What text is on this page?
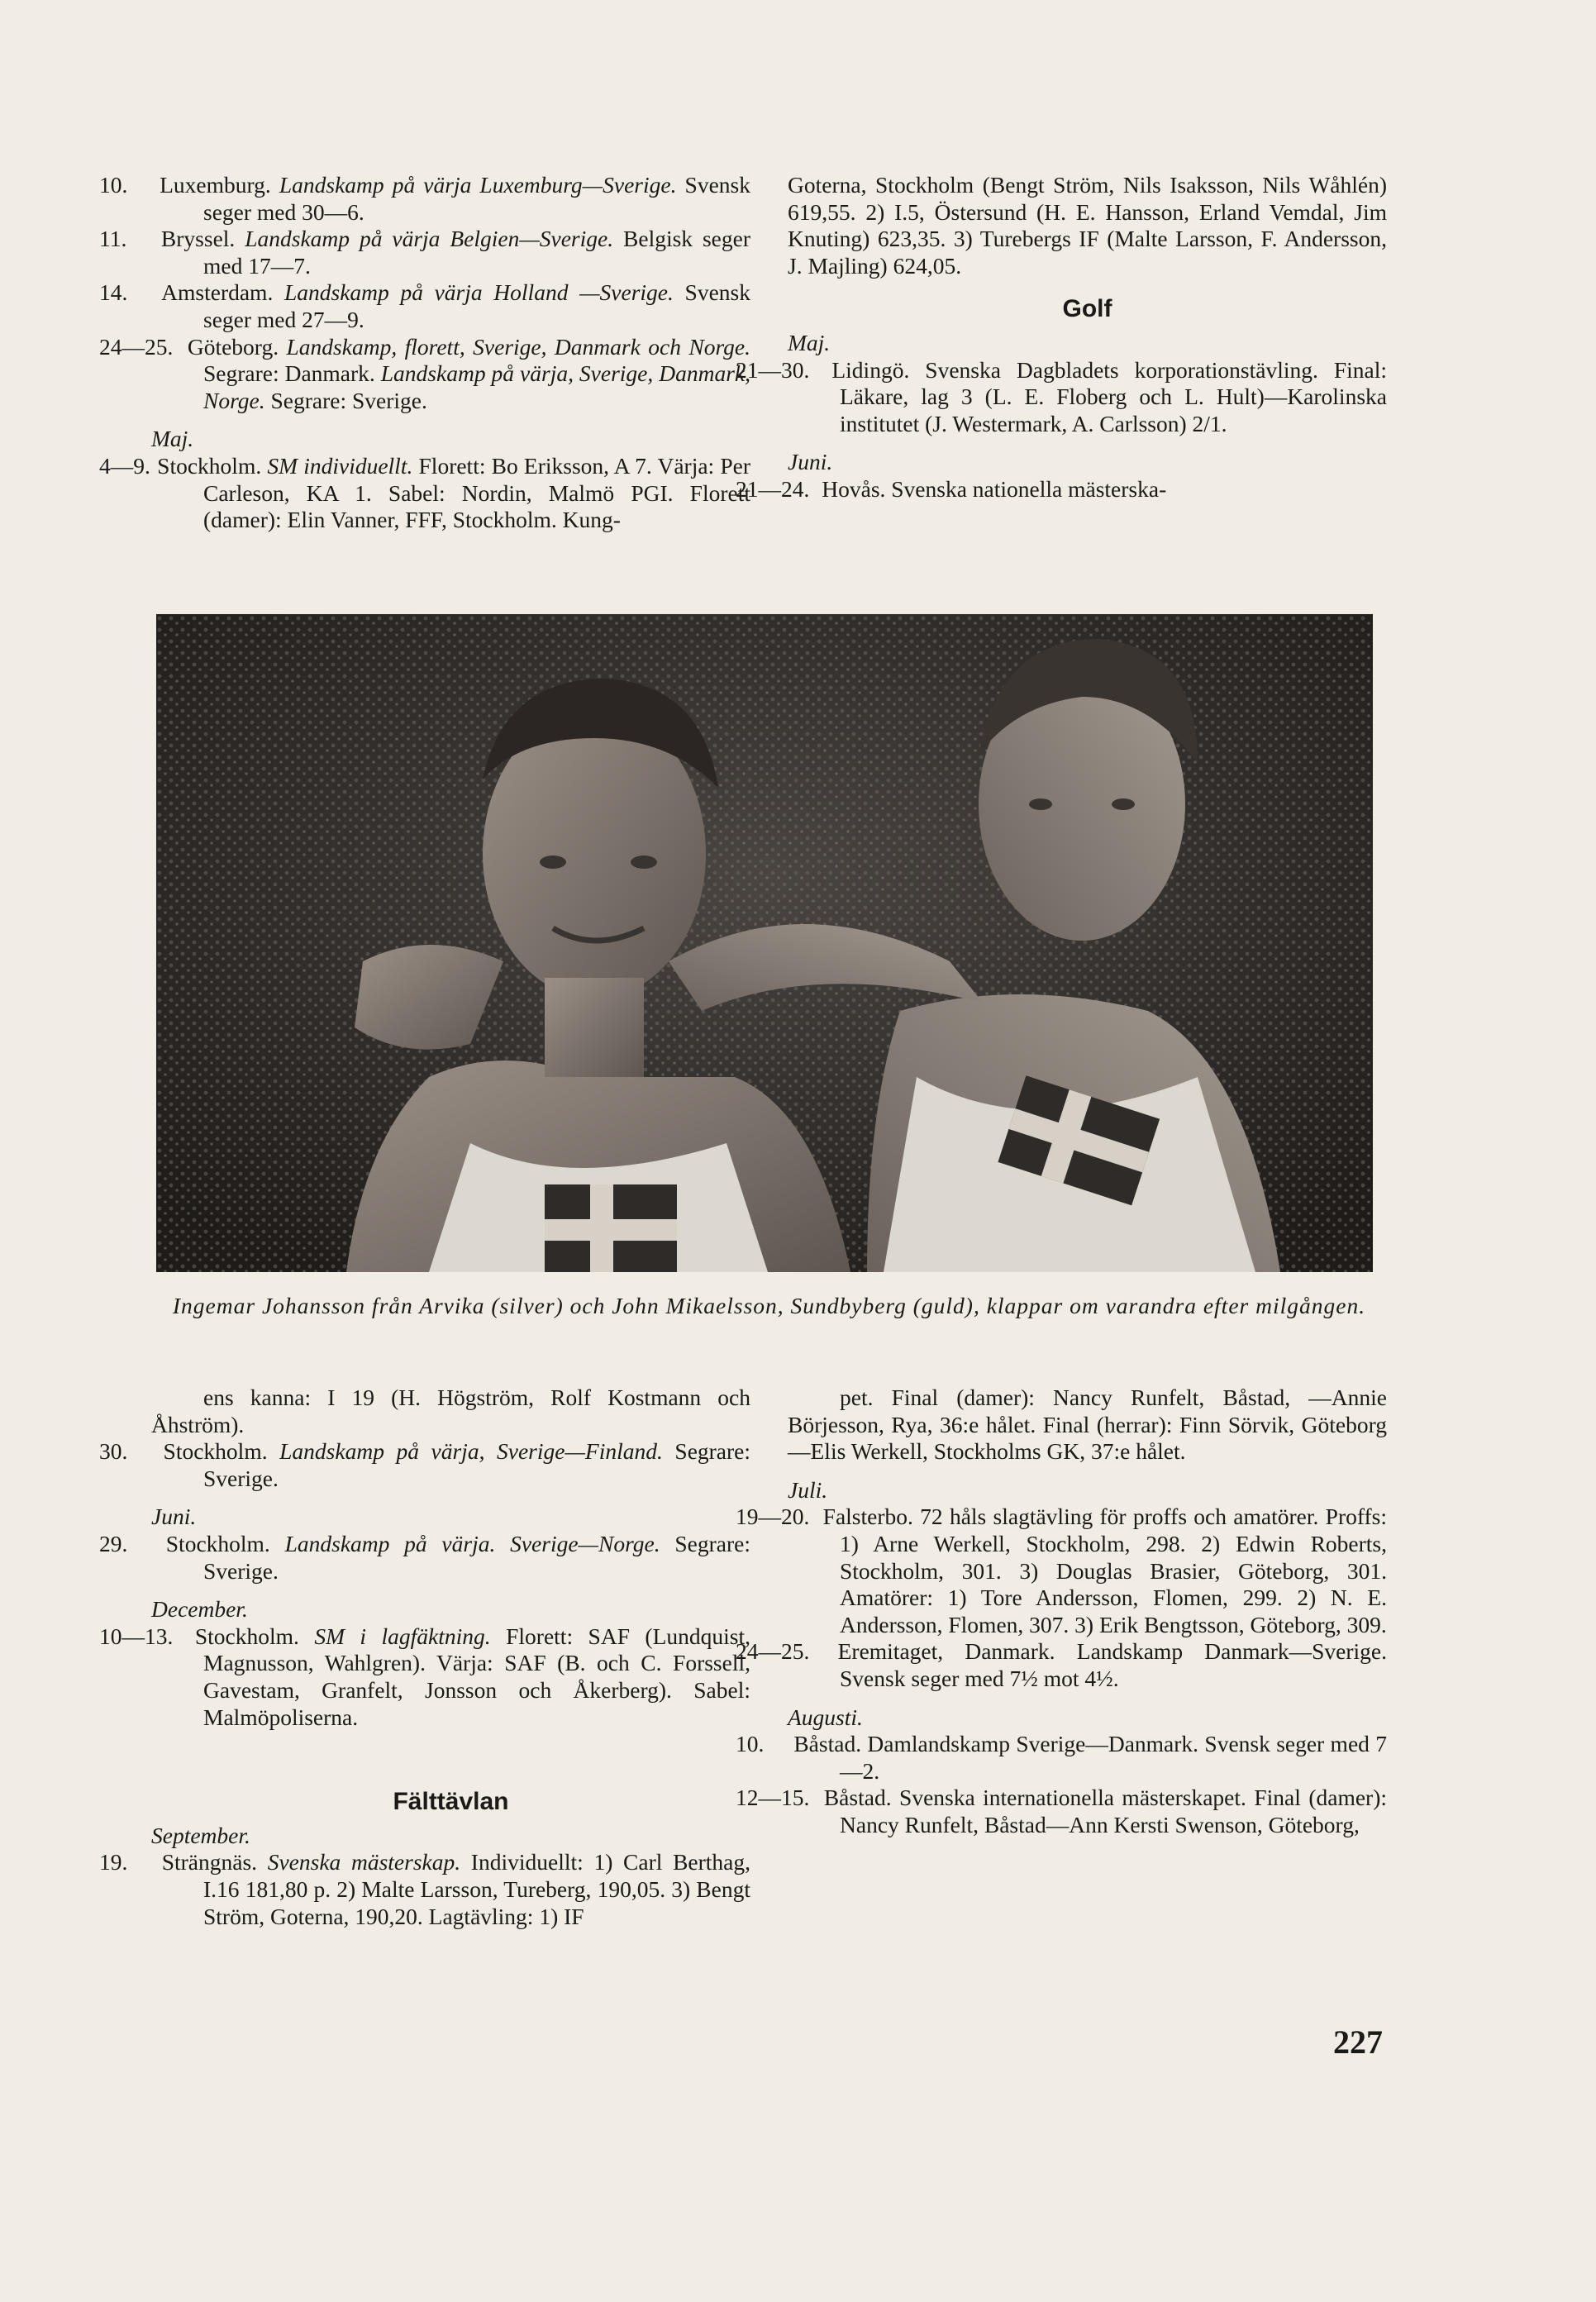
10. Luxemburg. Landskamp på värja Luxemburg—Sverige. Svensk seger med 30—6.
11. Bryssel. Landskamp på värja Belgien—Sverige. Belgisk seger med 17—7.
14. Amsterdam. Landskamp på värja Holland —Sverige. Svensk seger med 27—9.
24—25. Göteborg. Landskamp, florett, Sverige, Danmark och Norge. Segrare: Danmark. Landskamp på värja, Sverige, Danmark, Norge. Segrare: Sverige.
Maj.
4—9. Stockholm. SM individuellt. Florett: Bo Eriksson, A 7. Värja: Per Carleson, KA 1. Sabel: Nordin, Malmö PGI. Florett (damer): Elin Vanner, FFF, Stockholm. Kung-
Goterna, Stockholm (Bengt Ström, Nils Isaksson, Nils Wåhlén) 619,55. 2) I.5, Östersund (H. E. Hansson, Erland Vemdal, Jim Knuting) 623,35. 3) Turebergs IF (Malte Larsson, F. Andersson, J. Majling) 624,05.
Golf
Maj.
21—30. Lidingö. Svenska Dagbladets korporationstävling. Final: Läkare, lag 3 (L. E. Floberg och L. Hult)—Karolinska institutet (J. Westermark, A. Carlsson) 2/1.
Juni.
21—24. Hovås. Svenska nationella mästerska-
Ingemar Johansson från Arvika (silver) och John Mikaelsson, Sundbyberg (guld), klappar om varandra efter milgången.
ens kanna: I 19 (H. Högström, Rolf Kostmann och Åhström).
30. Stockholm. Landskamp på värja, Sverige—Finland. Segrare: Sverige.
Juni.
29. Stockholm. Landskamp på värja. Sverige—Norge. Segrare: Sverige.
December.
10—13. Stockholm. SM i lagfäktning. Florett: SAF (Lundquist, Magnusson, Wahlgren). Värja: SAF (B. och C. Forssell, Gavestam, Granfelt, Jonsson och Åkerberg). Sabel: Malmöpoliserna.
Fälttävlan
September.
19. Strängnäs. Svenska mästerskap. Individuellt: 1) Carl Berthag, I.16 181,80 p. 2) Malte Larsson, Tureberg, 190,05. 3) Bengt Ström, Goterna, 190,20. Lagtävling: 1) IF
pet. Final (damer): Nancy Runfelt, Båstad, —Annie Börjesson, Rya, 36:e hålet. Final (herrar): Finn Sörvik, Göteborg—Elis Werkell, Stockholms GK, 37:e hålet.
Juli.
19—20. Falsterbo. 72 håls slagtävling för proffs och amatörer. Proffs: 1) Arne Werkell, Stockholm, 298. 2) Edwin Roberts, Stockholm, 301. 3) Douglas Brasier, Göteborg, 301. Amatörer: 1) Tore Andersson, Flomen, 299. 2) N. E. Andersson, Flomen, 307. 3) Erik Bengtsson, Göteborg, 309.
24—25. Eremitaget, Danmark. Landskamp Danmark—Sverige. Svensk seger med 7½ mot 4½.
Augusti.
10. Båstad. Damlandskamp Sverige—Danmark. Svensk seger med 7—2.
12—15. Båstad. Svenska internationella mästerskapet. Final (damer): Nancy Runfelt, Båstad—Ann Kersti Swenson, Göteborg,
227
